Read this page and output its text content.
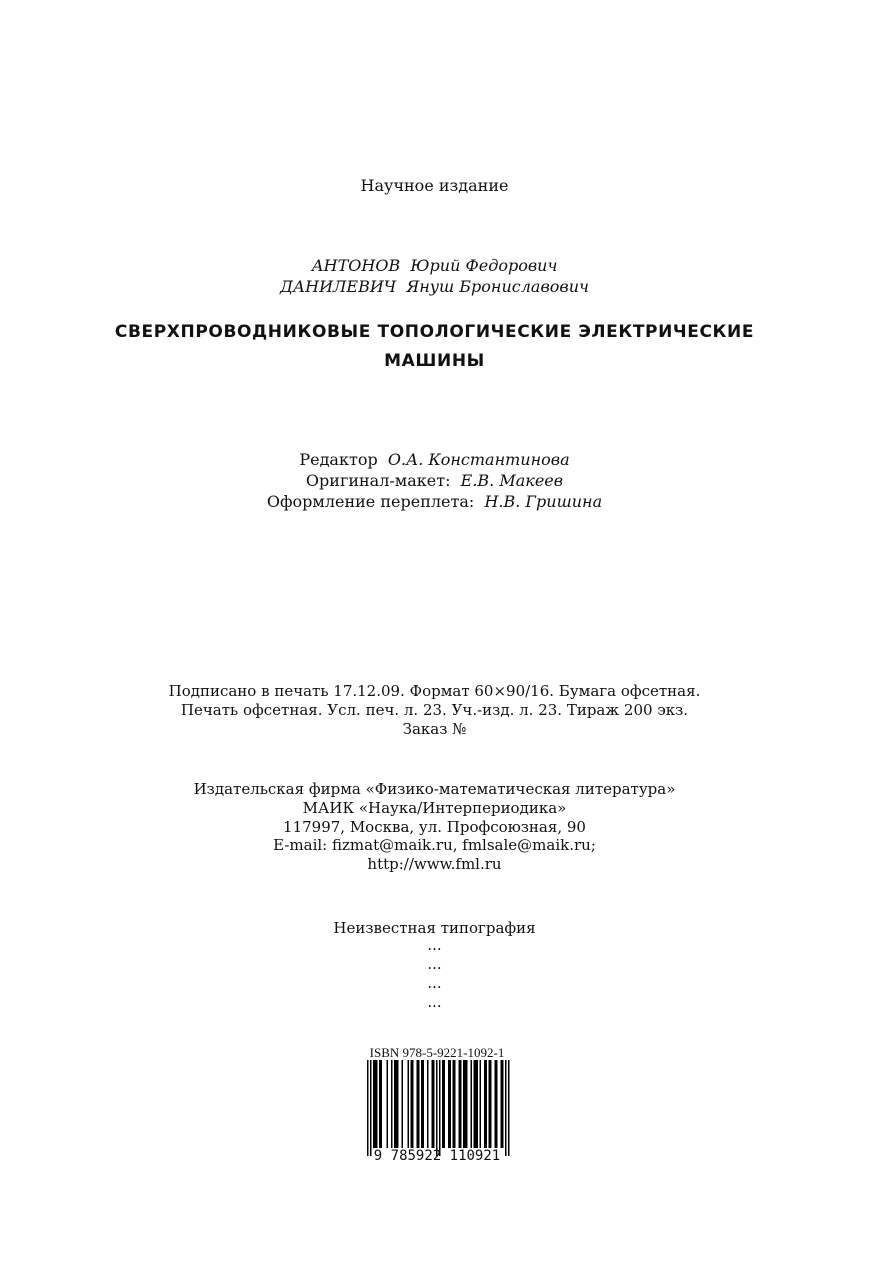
Научное издание
АНТОНОВ Юрий Федорович
ДАНИЛЕВИЧ Януш Брониславович
СВЕРХПРОВОДНИКОВЫЕ ТОПОЛОГИЧЕСКИЕ ЭЛЕКТРИЧЕСКИЕ
МАШИНЫ
Редактор О.А. Константинова
Оригинал-макет: Е.В. Макеев
Оформление переплета: Н.В. Гришина
Подписано в печать 17.12.09. Формат 60×90/16. Бумага офсетная.
Печать офсетная. Усл. печ. л. 23. Уч.-изд. л. 23. Тираж 200 экз.
Заказ №
Издательская фирма «Физико-математическая литература»
МАИК «Наука/Интерпериодика»
117997, Москва, ул. Профсоюзная, 90
E-mail: fizmat@maik.ru, fmlsale@maik.ru;
http://www.fml.ru
Неизвестная типография
...
...
...
...
ISBN 978-5-9221-1092-1
9 785922 110921
